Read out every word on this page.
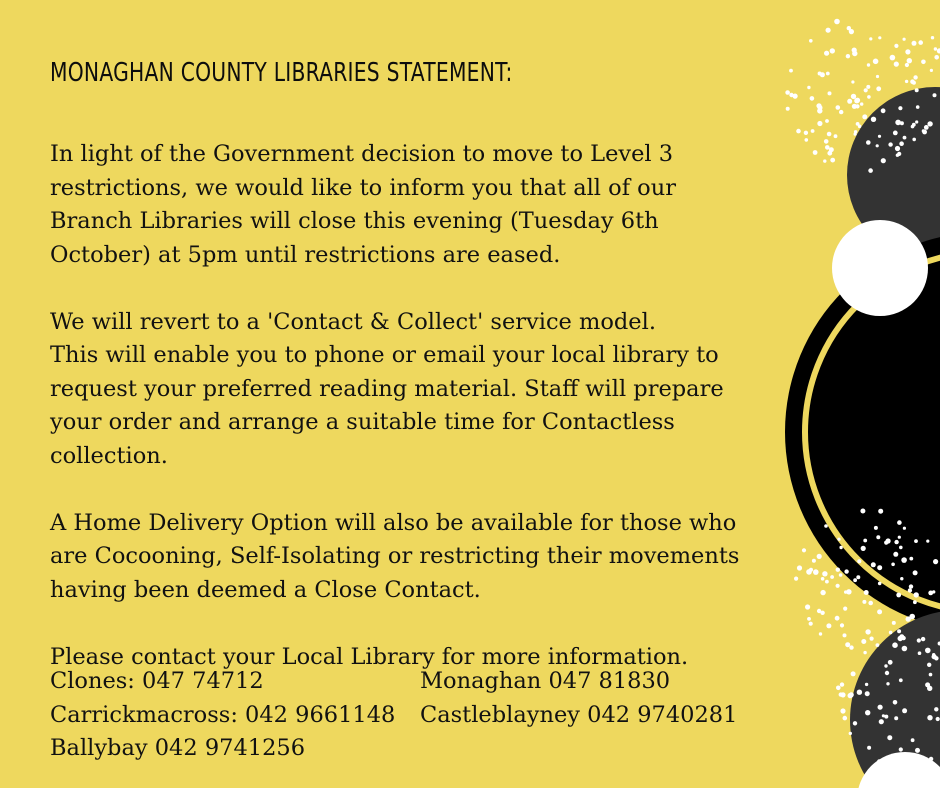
MONAGHAN COUNTY LIBRARIES STATEMENT:

In light of the Government decision to move to Level 3
restrictions, we would like to inform you that all of our
Branch Libraries will close this evening (Tuesday 6th
October) at 5pm until restrictions are eased.

We will revert to a 'Contact & Collect' service model.
This will enable you to phone or email your local library to
request your preferred reading material. Staff will prepare
your order and arrange a suitable time for Contactless
collection.

A Home Delivery Option will also be available for those who
are Cocooning, Self-Isolating or restricting their movements
having been deemed a Close Contact.

Please contact your Local Library for more information.
Clones: 047 74712	Monaghan 047 81830
Carrickmacross: 042 9661148 Castleblayney 042 9740281
Ballybay 042 9741256
